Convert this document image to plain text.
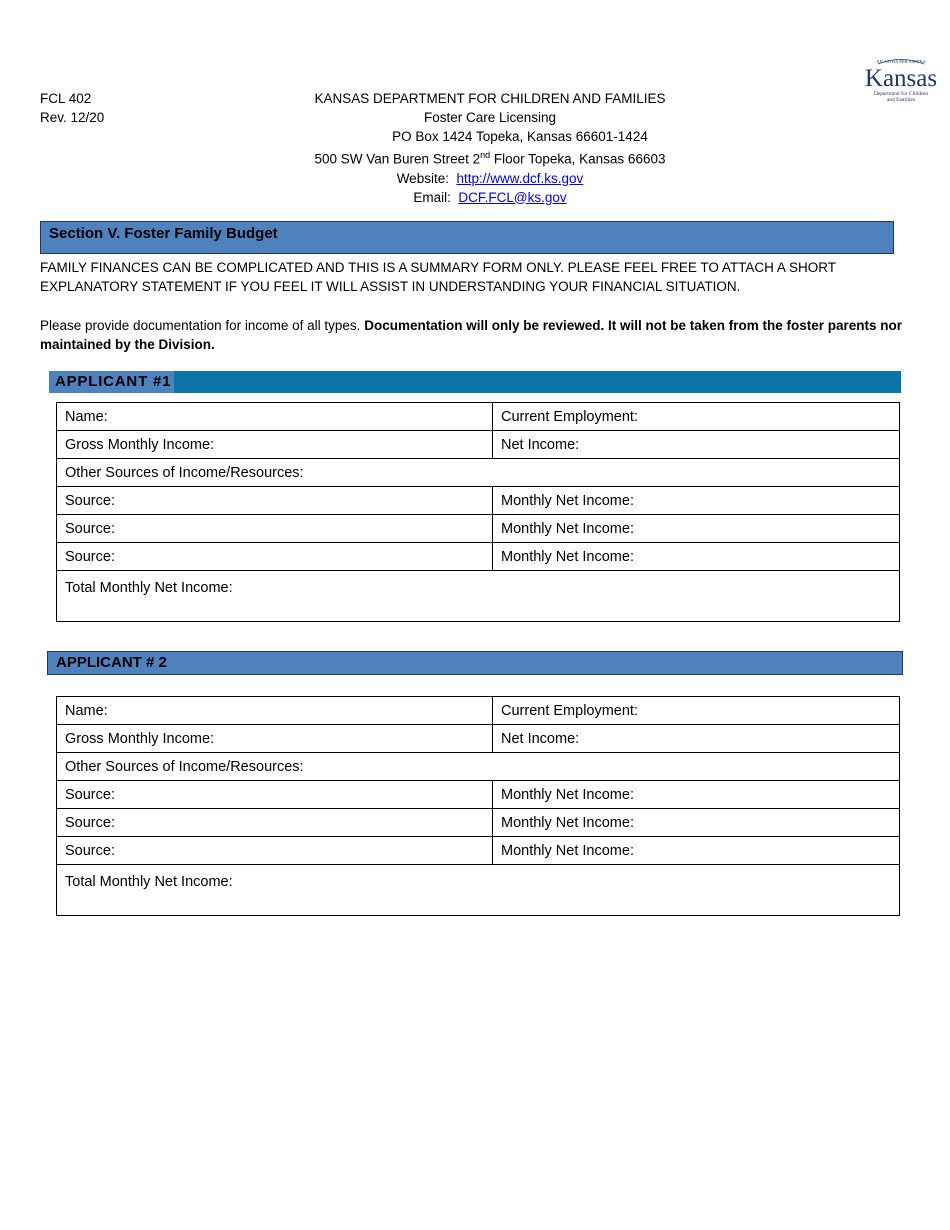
FCL 402
Rev. 12/20
KANSAS DEPARTMENT FOR CHILDREN AND FAMILIES
Foster Care Licensing
PO Box 1424 Topeka, Kansas 66601-1424
500 SW Van Buren Street 2nd Floor Topeka, Kansas 66603
Website: http://www.dcf.ks.gov
Email: DCF.FCL@ks.gov
AD ASTRA PER ASPERA
Kansas
Department for Children
and Families
Section V. Foster Family Budget
FAMILY FINANCES CAN BE COMPLICATED AND THIS IS A SUMMARY FORM ONLY. PLEASE FEEL FREE TO ATTACH A SHORT EXPLANATORY STATEMENT IF YOU FEEL IT WILL ASSIST IN UNDERSTANDING YOUR FINANCIAL SITUATION.
Please provide documentation for income of all types. Documentation will only be reviewed. It will not be taken from the foster parents nor maintained by the Division.
APPLICANT #1
Name:	Current Employment:
Gross Monthly Income:	Net Income:
Other Sources of Income/Resources:	
Source:	Monthly Net Income:
Source:	Monthly Net Income:
Source:	Monthly Net Income:
Total Monthly Net Income:	
APPLICANT # 2
Name:	Current Employment:
Gross Monthly Income:	Net Income:
Other Sources of Income/Resources:	
Source:	Monthly Net Income:
Source:	Monthly Net Income:
Source:	Monthly Net Income:
Total Monthly Net Income:	
